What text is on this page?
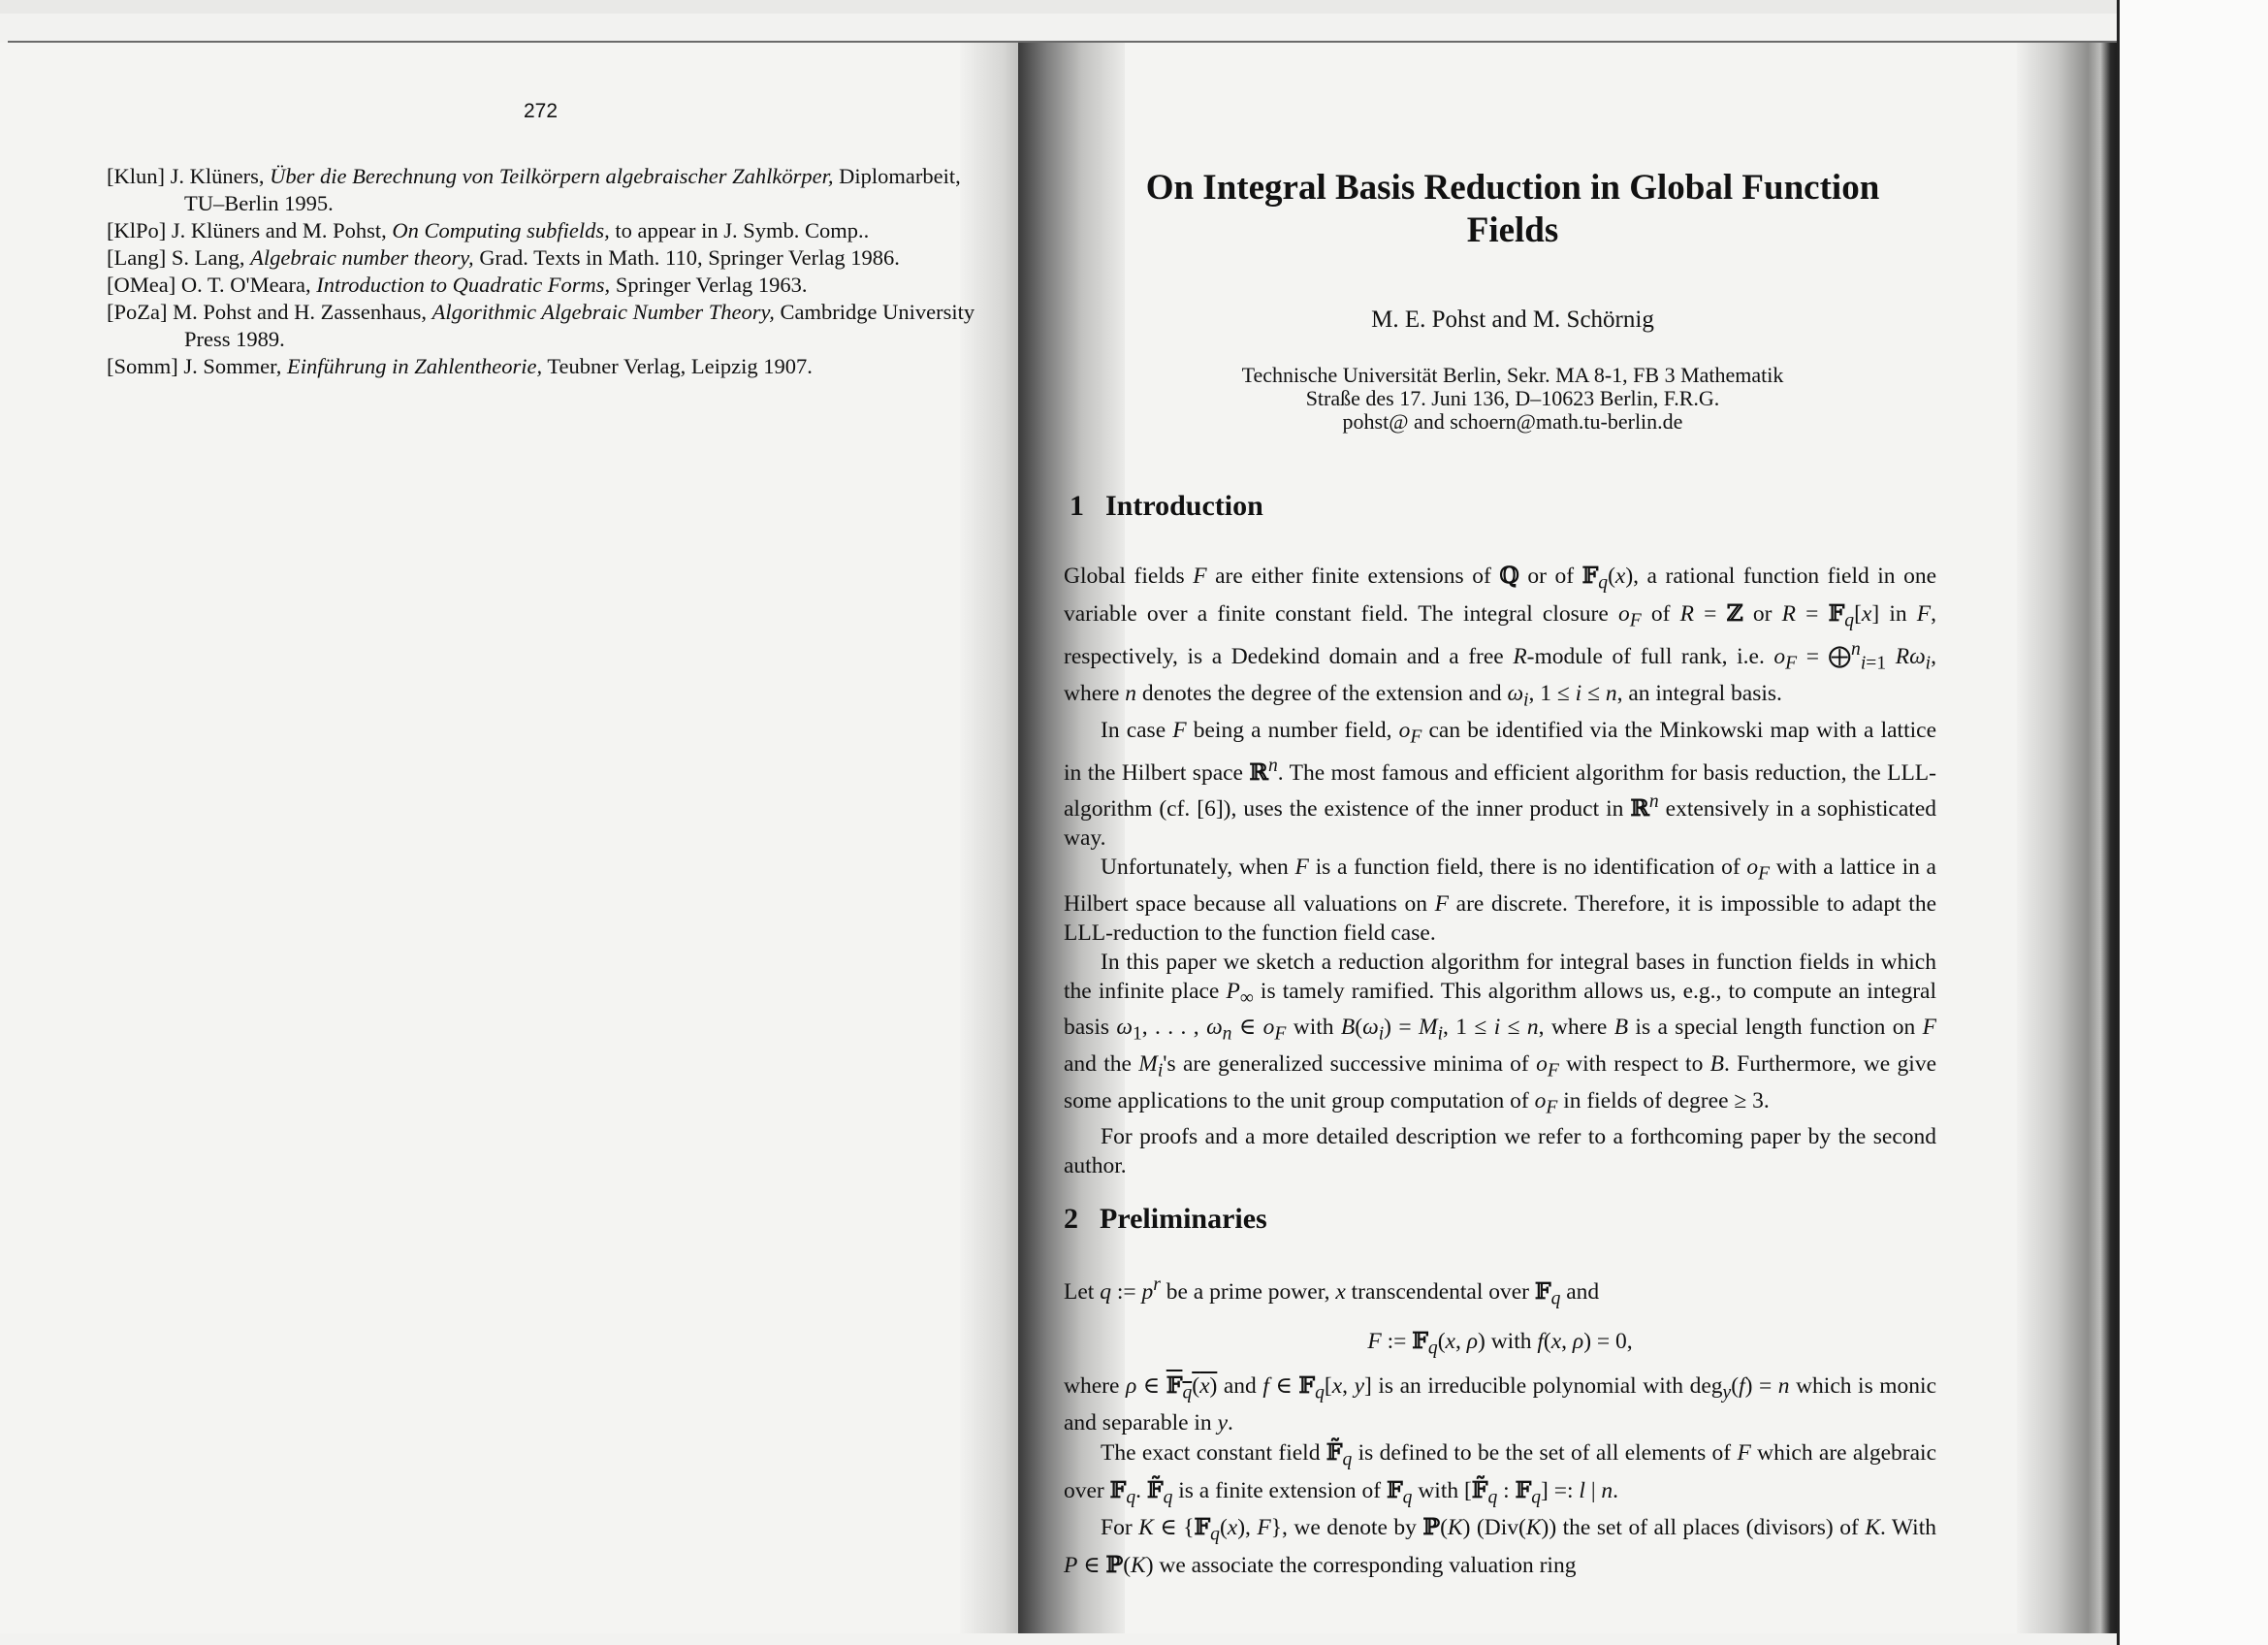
272

[Klun] J. Klüners, Über die Berechnung von Teilkörpern algebraischer Zahlkörper, Diplomarbeit, TU–Berlin 1995.

[KlPo] J. Klüners and M. Pohst, On Computing subfields, to appear in J. Symb. Comp..

[Lang] S. Lang, Algebraic number theory, Grad. Texts in Math. 110, Springer Verlag 1986.

[OMea] O. T. O'Meara, Introduction to Quadratic Forms, Springer Verlag 1963.

[PoZa] M. Pohst and H. Zassenhaus, Algorithmic Algebraic Number Theory, Cambridge University Press 1989.

[Somm] J. Sommer, Einführung in Zahlentheorie, Teubner Verlag, Leipzig 1907.

On Integral Basis Reduction in Global Function
Fields
M. E. Pohst and M. Schörnig
Technische Universität Berlin, Sekr. MA 8-1, FB 3 Mathematik
Straße des 17. Juni 136, D–10623 Berlin, F.R.G.
pohst@ and schoern@math.tu-berlin.de
1 Introduction

Global fields F are either finite extensions of ℚ or of 𝔽$_q$(x), a rational function field in one variable over a finite constant field. The integral closure $o_F$ of R = ℤ or R = 𝔽$_q$[x] in F, respectively, is a Dedekind domain and a free R-module of full rank, i.e. $o_F$ = ⨁$^n_{i=1}$ $R\omega_i$, where n denotes the degree of the extension and $\omega_i$, 1 ≤ i ≤ n, an integral basis.

In case F being a number field, $o_F$ can be identified via the Minkowski map with a lattice in the Hilbert space ℝ$^n$. The most famous and efficient algorithm for basis reduction, the LLL-algorithm (cf. [6]), uses the existence of the inner product in ℝ$^n$ extensively in a sophisticated way.

Unfortunately, when F is a function field, there is no identification of $o_F$ with a lattice in a Hilbert space because all valuations on F are discrete. Therefore, it is impossible to adapt the LLL-reduction to the function field case.

In this paper we sketch a reduction algorithm for integral bases in function fields in which the infinite place $P_\infty$ is tamely ramified. This algorithm allows us, e.g., to compute an integral basis $\omega_1$, . . . , $\omega_n$ ∈ $o_F$ with $B(\omega_i) = M_i$, 1 ≤ i ≤ n, where B is a special length function on F and the $M_i's$ are generalized successive minima of $o_F$ with respect to B. Furthermore, we give some applications to the unit group computation of $o_F$ in fields of degree ≥ 3.

For proofs and a more detailed description we refer to a forthcoming paper by the second author.

2 Preliminaries

Let q := $p^r$ be a prime power, x transcendental over 𝔽$_q$ and

F := 𝔽$_q$(x, ρ) with f(x, ρ) = 0,

where ρ ∈ 𝔽$_q$(x) and f ∈ 𝔽$_q$[x, y] is an irreducible polynomial with deg$_y$(f) = n which is monic and separable in y.

The exact constant field $𝔽̃_q$ is defined to be the set of all elements of F which are algebraic over 𝔽$_q$. $𝔽̃_q$ is a finite extension of 𝔽$_q$ with [$𝔽̃_q$ : 𝔽$_q$] =: l | n.

For K ∈ {𝔽$_q$(x), F}, we denote by ℙ(K) (Div(K)) the set of all places (divisors) of K. With P ∈ ℙ(K) we associate the corresponding valuation ring
